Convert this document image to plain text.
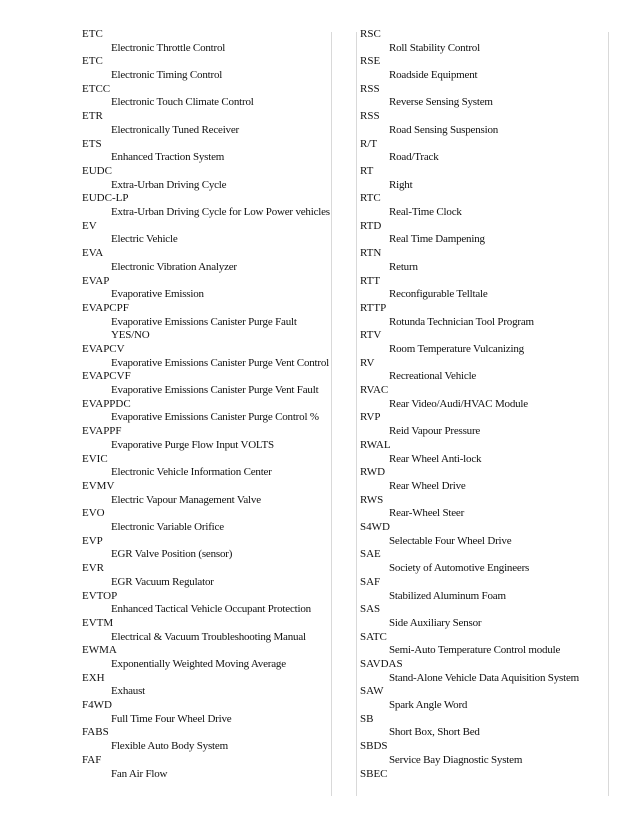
ETC
Electronic Throttle Control
ETC
Electronic Timing Control
ETCC
Electronic Touch Climate Control
ETR
Electronically Tuned Receiver
ETS
Enhanced Traction System
EUDC
Extra-Urban Driving Cycle
EUDC-LP
Extra-Urban Driving Cycle for Low Power vehicles
EV
Electric Vehicle
EVA
Electronic Vibration Analyzer
EVAP
Evaporative Emission
EVAPCPF
Evaporative Emissions Canister Purge Fault
YES/NO
EVAPCV
Evaporative Emissions Canister Purge Vent Control
EVAPCVF
Evaporative Emissions Canister Purge Vent Fault
EVAPPDC
Evaporative Emissions Canister Purge Control %
EVAPPF
Evaporative Purge Flow Input VOLTS
EVIC
Electronic Vehicle Information Center
EVMV
Electric Vapour Management Valve
EVO
Electronic Variable Orifice
EVP
EGR Valve Position (sensor)
EVR
EGR Vacuum Regulator
EVTOP
Enhanced Tactical Vehicle Occupant Protection
EVTM
Electrical & Vacuum Troubleshooting Manual
EWMA
Exponentially Weighted Moving Average
EXH
Exhaust
F4WD
Full Time Four Wheel Drive
FABS
Flexible Auto Body System
FAF
Fan Air Flow
RSC
Roll Stability Control
RSE
Roadside Equipment
RSS
Reverse Sensing System
RSS
Road Sensing Suspension
R/T
Road/Track
RT
Right
RTC
Real-Time Clock
RTD
Real Time Dampening
RTN
Return
RTT
Reconfigurable Telltale
RTTP
Rotunda Technician Tool Program
RTV
Room Temperature Vulcanizing
RV
Recreational Vehicle
RVAC
Rear Video/Audi/HVAC Module
RVP
Reid Vapour Pressure
RWAL
Rear Wheel Anti-lock
RWD
Rear Wheel Drive
RWS
Rear-Wheel Steer
S4WD
Selectable Four Wheel Drive
SAE
Society of Automotive Engineers
SAF
Stabilized Aluminum Foam
SAS
Side Auxiliary Sensor
SATC
Semi-Auto Temperature Control module
SAVDAS
Stand-Alone Vehicle Data Aquisition System
SAW
Spark Angle Word
SB
Short Box, Short Bed
SBDS
Service Bay Diagnostic System
SBEC
